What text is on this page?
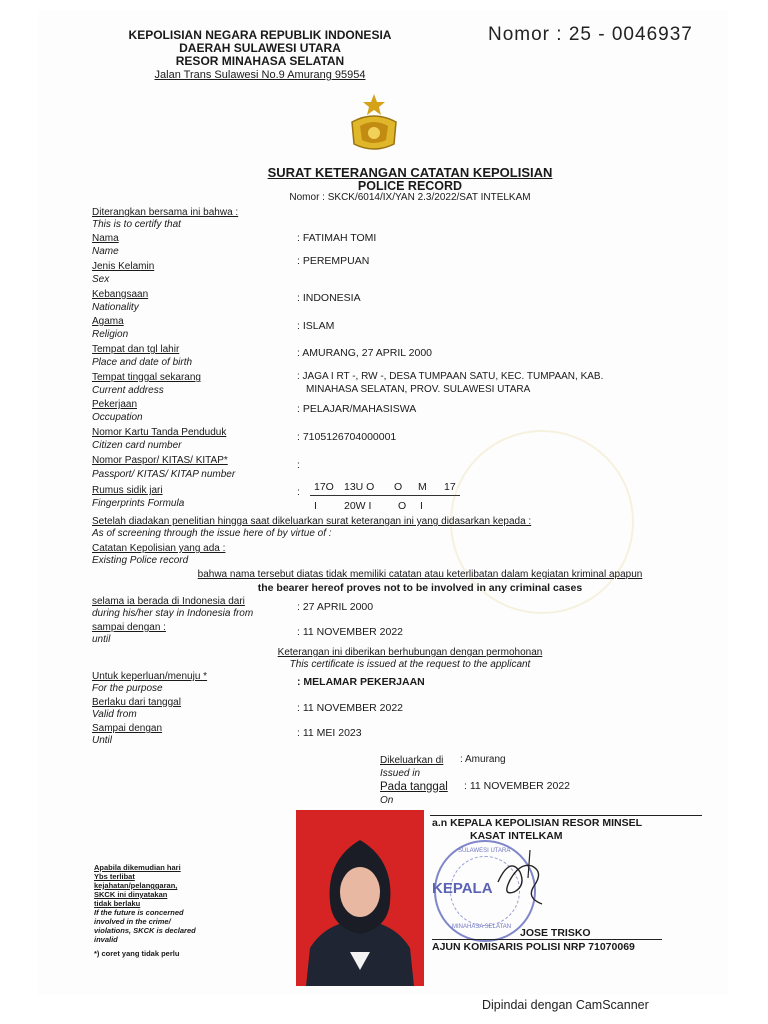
KEPOLISIAN NEGARA REPUBLIK INDONESIA
DAERAH SULAWESI UTARA
RESOR MINAHASA SELATAN
Jalan Trans Sulawesi No.9 Amurang 95954
Nomor : 25 - 0046937
SURAT KETERANGAN CATATAN KEPOLISIAN
POLICE RECORD
Nomor : SKCK/6014/IX/YAN 2.3/2022/SAT INTELKAM
Diterangkan bersama ini bahwa :
This is to certify that
Nama
Name
: FATIMAH TOMI
Jenis Kelamin
Sex
: PEREMPUAN
Kebangsaan
Nationality
: INDONESIA
Agama
Religion
: ISLAM
Tempat dan tgl lahir
Place and date of birth
: AMURANG, 27 APRIL 2000
Tempat tinggal sekarang
Current address
: JAGA I RT -, RW -, DESA TUMPAAN SATU, KEC. TUMPAAN, KAB.
MINAHASA SELATAN, PROV. SULAWESI UTARA
Pekerjaan
Occupation
: PELAJAR/MAHASISWA
Nomor Kartu Tanda Penduduk
Citizen card number
: 7105126704000001
Nomor Paspor/ KITAS/ KITAP*
Passport/ KITAS/ KITAP number
:
Rumus sidik jari
Fingerprints Formula
: 17O 13U O O M 17
I	20W I	O I
Setelah diadakan penelitian hingga saat dikeluarkan surat keterangan ini yang didasarkan kepada :
As of screening through the issue here of by virtue of :
Catatan Kepolisian yang ada :
Existing Police record
bahwa nama tersebut diatas tidak memiliki catatan atau keterlibatan dalam kegiatan kriminal apapun
the bearer hereof proves not to be involved in any criminal cases
selama ia berada di Indonesia dari
during his/her stay in Indonesia from
: 27 APRIL 2000
sampai dengan :
until
: 11 NOVEMBER 2022
Keterangan ini diberikan berhubungan dengan permohonan
This certificate is issued at the request to the applicant
Untuk keperluan/menuju *
For the purpose
: MELAMAR PEKERJAAN
Berlaku dari tanggal
Valid from
: 11 NOVEMBER 2022
Sampai dengan
Until
: 11 MEI 2023
Dikeluarkan di : Amurang
Issued in
Pada tanggal : 11 NOVEMBER 2022
On
a.n KEPALA KEPOLISIAN RESOR MINSEL
KASAT INTELKAM
KEPALA
SULAWESI UTARA
MINAHASA SELATAN JOSE TRISKO
AJUN KOMISARIS POLISI NRP 71070069
Apabila dikemudian hari
Ybs terlibat
kejahatan/pelanggaran,
SKCK ini dinyatakan
tidak berlaku
If the future is concerned
involved in the crime/
violations, SKCK is declared
invalid
*) coret yang tidak perlu
Dipindai dengan CamScanner
